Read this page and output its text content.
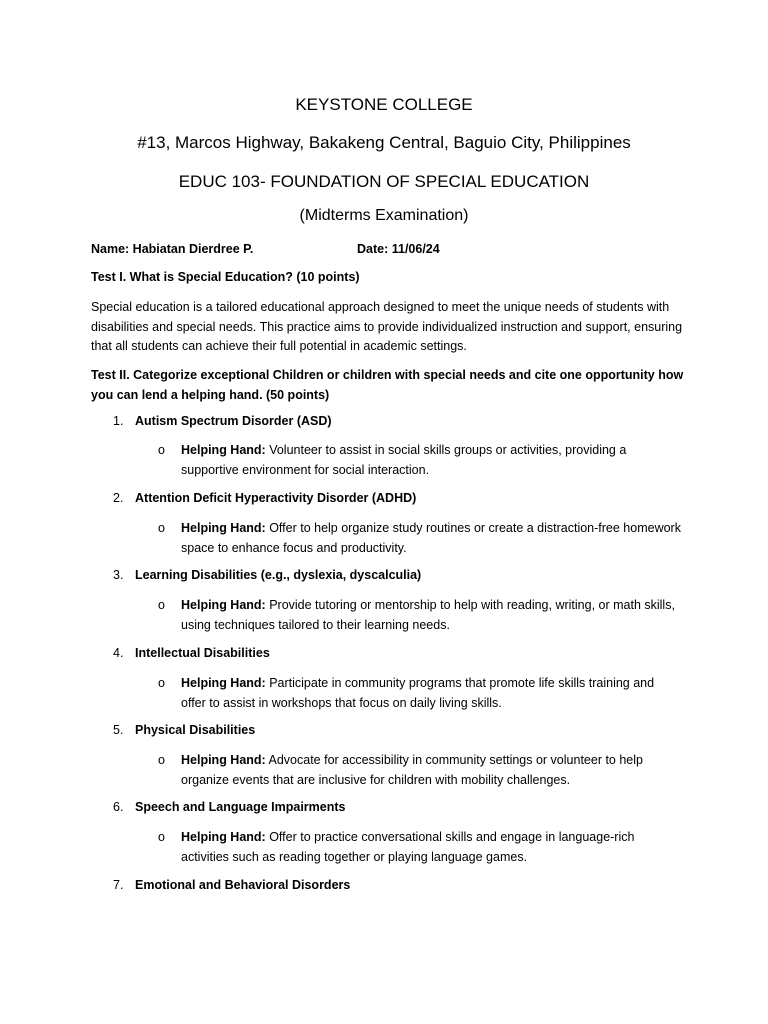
KEYSTONE COLLEGE
#13, Marcos Highway, Bakakeng Central, Baguio City, Philippines
EDUC 103- FOUNDATION OF SPECIAL EDUCATION
(Midterms Examination)
Name: Habiatan Dierdree P.	Date: 11/06/24
Test I. What is Special Education? (10 points)
Special education is a tailored educational approach designed to meet the unique needs of students with disabilities and special needs. This practice aims to provide individualized instruction and support, ensuring that all students can achieve their full potential in academic settings.
Test II. Categorize exceptional Children or children with special needs and cite one opportunity how you can lend a helping hand. (50 points)
1. Autism Spectrum Disorder (ASD)
o Helping Hand: Volunteer to assist in social skills groups or activities, providing a supportive environment for social interaction.
2. Attention Deficit Hyperactivity Disorder (ADHD)
o Helping Hand: Offer to help organize study routines or create a distraction-free homework space to enhance focus and productivity.
3. Learning Disabilities (e.g., dyslexia, dyscalculia)
o Helping Hand: Provide tutoring or mentorship to help with reading, writing, or math skills, using techniques tailored to their learning needs.
4. Intellectual Disabilities
o Helping Hand: Participate in community programs that promote life skills training and offer to assist in workshops that focus on daily living skills.
5. Physical Disabilities
o Helping Hand: Advocate for accessibility in community settings or volunteer to help organize events that are inclusive for children with mobility challenges.
6. Speech and Language Impairments
o Helping Hand: Offer to practice conversational skills and engage in language-rich activities such as reading together or playing language games.
7. Emotional and Behavioral Disorders
